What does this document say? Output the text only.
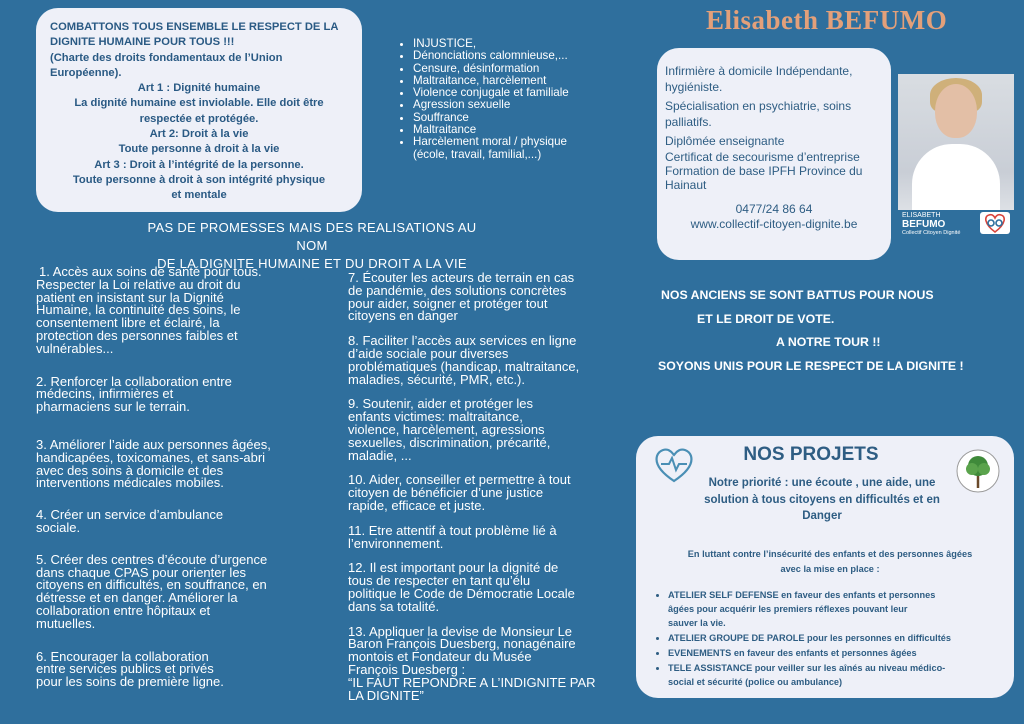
COMBATTONS TOUS ENSEMBLE LE RESPECT DE LA
DIGNITE HUMAINE POUR TOUS !!!
(Charte des droits fondamentaux de l’Union
Européenne).
Art 1 : Dignité humaine
La dignité humaine est inviolable. Elle doit être
respectée et protégée.
Art 2: Droit à la vie
Toute personne à droit à la vie
Art 3 : Droit à l’intégrité de la personne.
Toute personne à droit à son intégrité physique
et mentale
• INJUSTICE,
• Dénonciations calomnieuse,...
• Censure, désinformation
• Maltraitance, harcèlement
• Violence conjugale et familiale
• Agression sexuelle
• Souffrance
• Maltraitance
• Harcèlement moral / physique
(école, travail, familial,...)
Elisabeth BEFUMO

Infirmière à domicile Indépendante,

hygiéniste.

Spécialisation en psychiatrie, soins

palliatifs.

Diplômée enseignante

Certificat de secourisme d’entreprise

Formation de base IPFH Province du

Hainaut

0477/24 86 64

www.collectif-citoyen-dignite.be

ELISABETH
BEFUMO
Collectif Citoyen Dignité
PAS DE PROMESSES MAIS DES REALISATIONS AU NOM
DE LA DIGNITE HUMAINE ET DU DROIT A LA VIE

1. Accès aux soins de santé pour tous.

Respecter la Loi relative au droit du

patient en insistant sur la Dignité

Humaine, la continuité des soins, le

consentement libre et éclairé, la

protection des personnes faibles et

vulnérables...

2. Renforcer la collaboration entre

médecins, infirmières et

pharmaciens sur le terrain.

3. Améliorer l’aide aux personnes âgées,

handicapées, toxicomanes, et sans-abri

avec des soins à domicile et des

interventions médicales mobiles.

4. Créer un service d’ambulance

sociale.

5. Créer des centres d’écoute d’urgence

dans chaque CPAS pour orienter les

citoyens en difficultés, en souffrance, en

détresse et en danger. Améliorer la

collaboration entre hôpitaux et

mutuelles.

6. Encourager la collaboration

entre services publics et privés

pour les soins de première ligne.

7. Écouter les acteurs de terrain en cas

de pandémie, des solutions concrètes

pour aider, soigner et protéger tout

citoyens en danger

8. Faciliter l’accès aux services en ligne

d’aide sociale pour diverses

problématiques (handicap, maltraitance,

maladies, sécurité, PMR, etc.).

9. Soutenir, aider et protéger les

enfants victimes: maltraitance,

violence, harcèlement, agressions

sexuelles, discrimination, précarité,

maladie, ...

10. Aider, conseiller et permettre à tout

citoyen de bénéficier d’une justice

rapide, efficace et juste.

11. Etre attentif à tout problème lié à

l’environnement.

12. Il est important pour la dignité de

tous de respecter en tant qu’élu

politique le Code de Démocratie Locale

dans sa totalité.

13. Appliquer la devise de Monsieur Le

Baron François Duesberg, nonagénaire

montois et Fondateur du Musée

François Duesberg :

“IL FAUT REPONDRE A L’INDIGNITE PAR

LA DIGNITE”

NOS ANCIENS SE SONT BATTUS POUR NOUS
ET LE DROIT DE VOTE.
A NOTRE TOUR !!
SOYONS UNIS POUR LE RESPECT DE LA DIGNITE !
NOS PROJETS
Notre priorité : une écoute , une aide, une
solution à tous citoyens en difficultés et en
Danger
En luttant contre l’insécurité des enfants et des personnes âgées
avec la mise en place :
• ATELIER SELF DEFENSE en faveur des enfants et personnes
âgées pour acquérir les premiers réflexes pouvant leur
sauver la vie.
• ATELIER GROUPE DE PAROLE pour les personnes en difficultés
• EVENEMENTS en faveur des enfants et personnes âgées
• TELE ASSISTANCE pour veiller sur les aînés au niveau médico-
social et sécurité (police ou ambulance)
